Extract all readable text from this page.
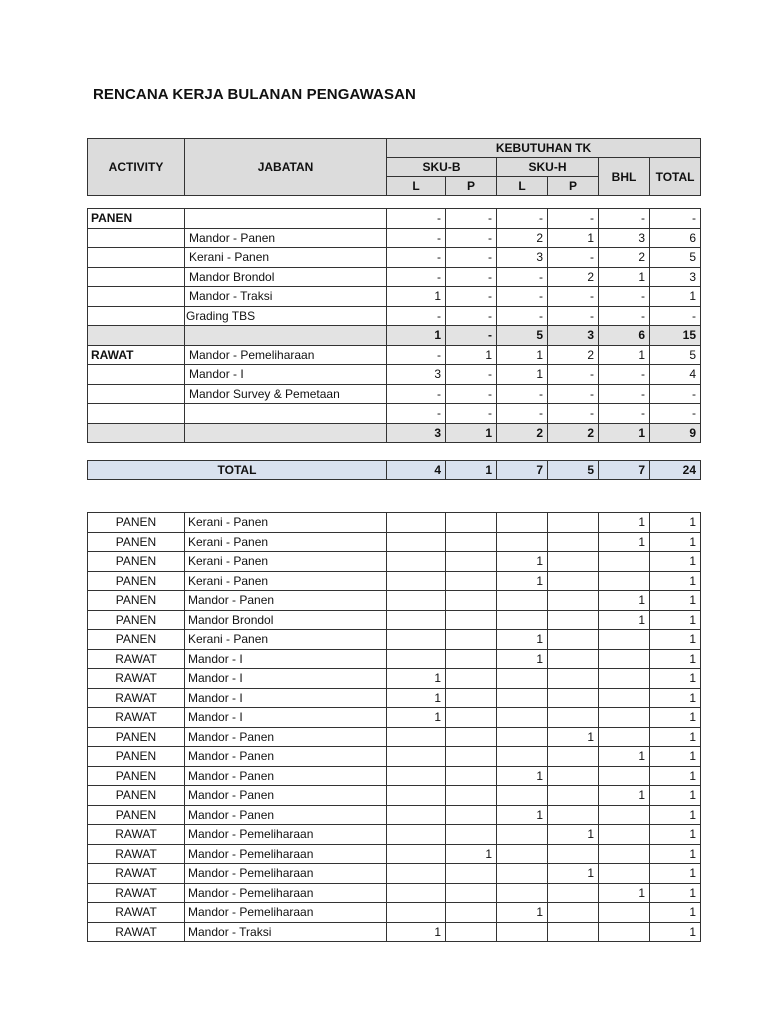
RENCANA KERJA BULANAN PENGAWASAN
ACTIVITY	JABATAN	KEBUTUHAN TK					
		SKU-B		SKU-H		BHL	TOTAL
		L	P	L	P		
PANEN		-	-	-	-	-	-
	Mandor - Panen	-	-	2	1	3	6
	Kerani - Panen	-	-	3	-	2	5
	Mandor Brondol	-	-	-	2	1	3
	Mandor - Traksi	1	-	-	-	-	1
	Grading TBS	-	-	-	-	-	-
		1	-	5	3	6	15
RAWAT	Mandor - Pemeliharaan	-	1	1	2	1	5
	Mandor - I	3	-	1	-	-	4
	Mandor Survey & Pemetaan	-	-	-	-	-	-
		-	-	-	-	-	-
		3	1	2	2	1	9
TOTAL	4	1	7	5	7	24
PANEN	Kerani - Panen					1	1
PANEN	Kerani - Panen					1	1
PANEN	Kerani - Panen			1			1
PANEN	Kerani - Panen			1			1
PANEN	Mandor - Panen					1	1
PANEN	Mandor Brondol					1	1
PANEN	Kerani - Panen			1			1
RAWAT	Mandor - I			1			1
RAWAT	Mandor - I	1					1
RAWAT	Mandor - I	1					1
RAWAT	Mandor - I	1					1
PANEN	Mandor - Panen				1		1
PANEN	Mandor - Panen					1	1
PANEN	Mandor - Panen			1			1
PANEN	Mandor - Panen					1	1
PANEN	Mandor - Panen			1			1
RAWAT	Mandor - Pemeliharaan				1		1
RAWAT	Mandor - Pemeliharaan		1				1
RAWAT	Mandor - Pemeliharaan				1		1
RAWAT	Mandor - Pemeliharaan					1	1
RAWAT	Mandor - Pemeliharaan			1			1
RAWAT	Mandor - Traksi	1					1
